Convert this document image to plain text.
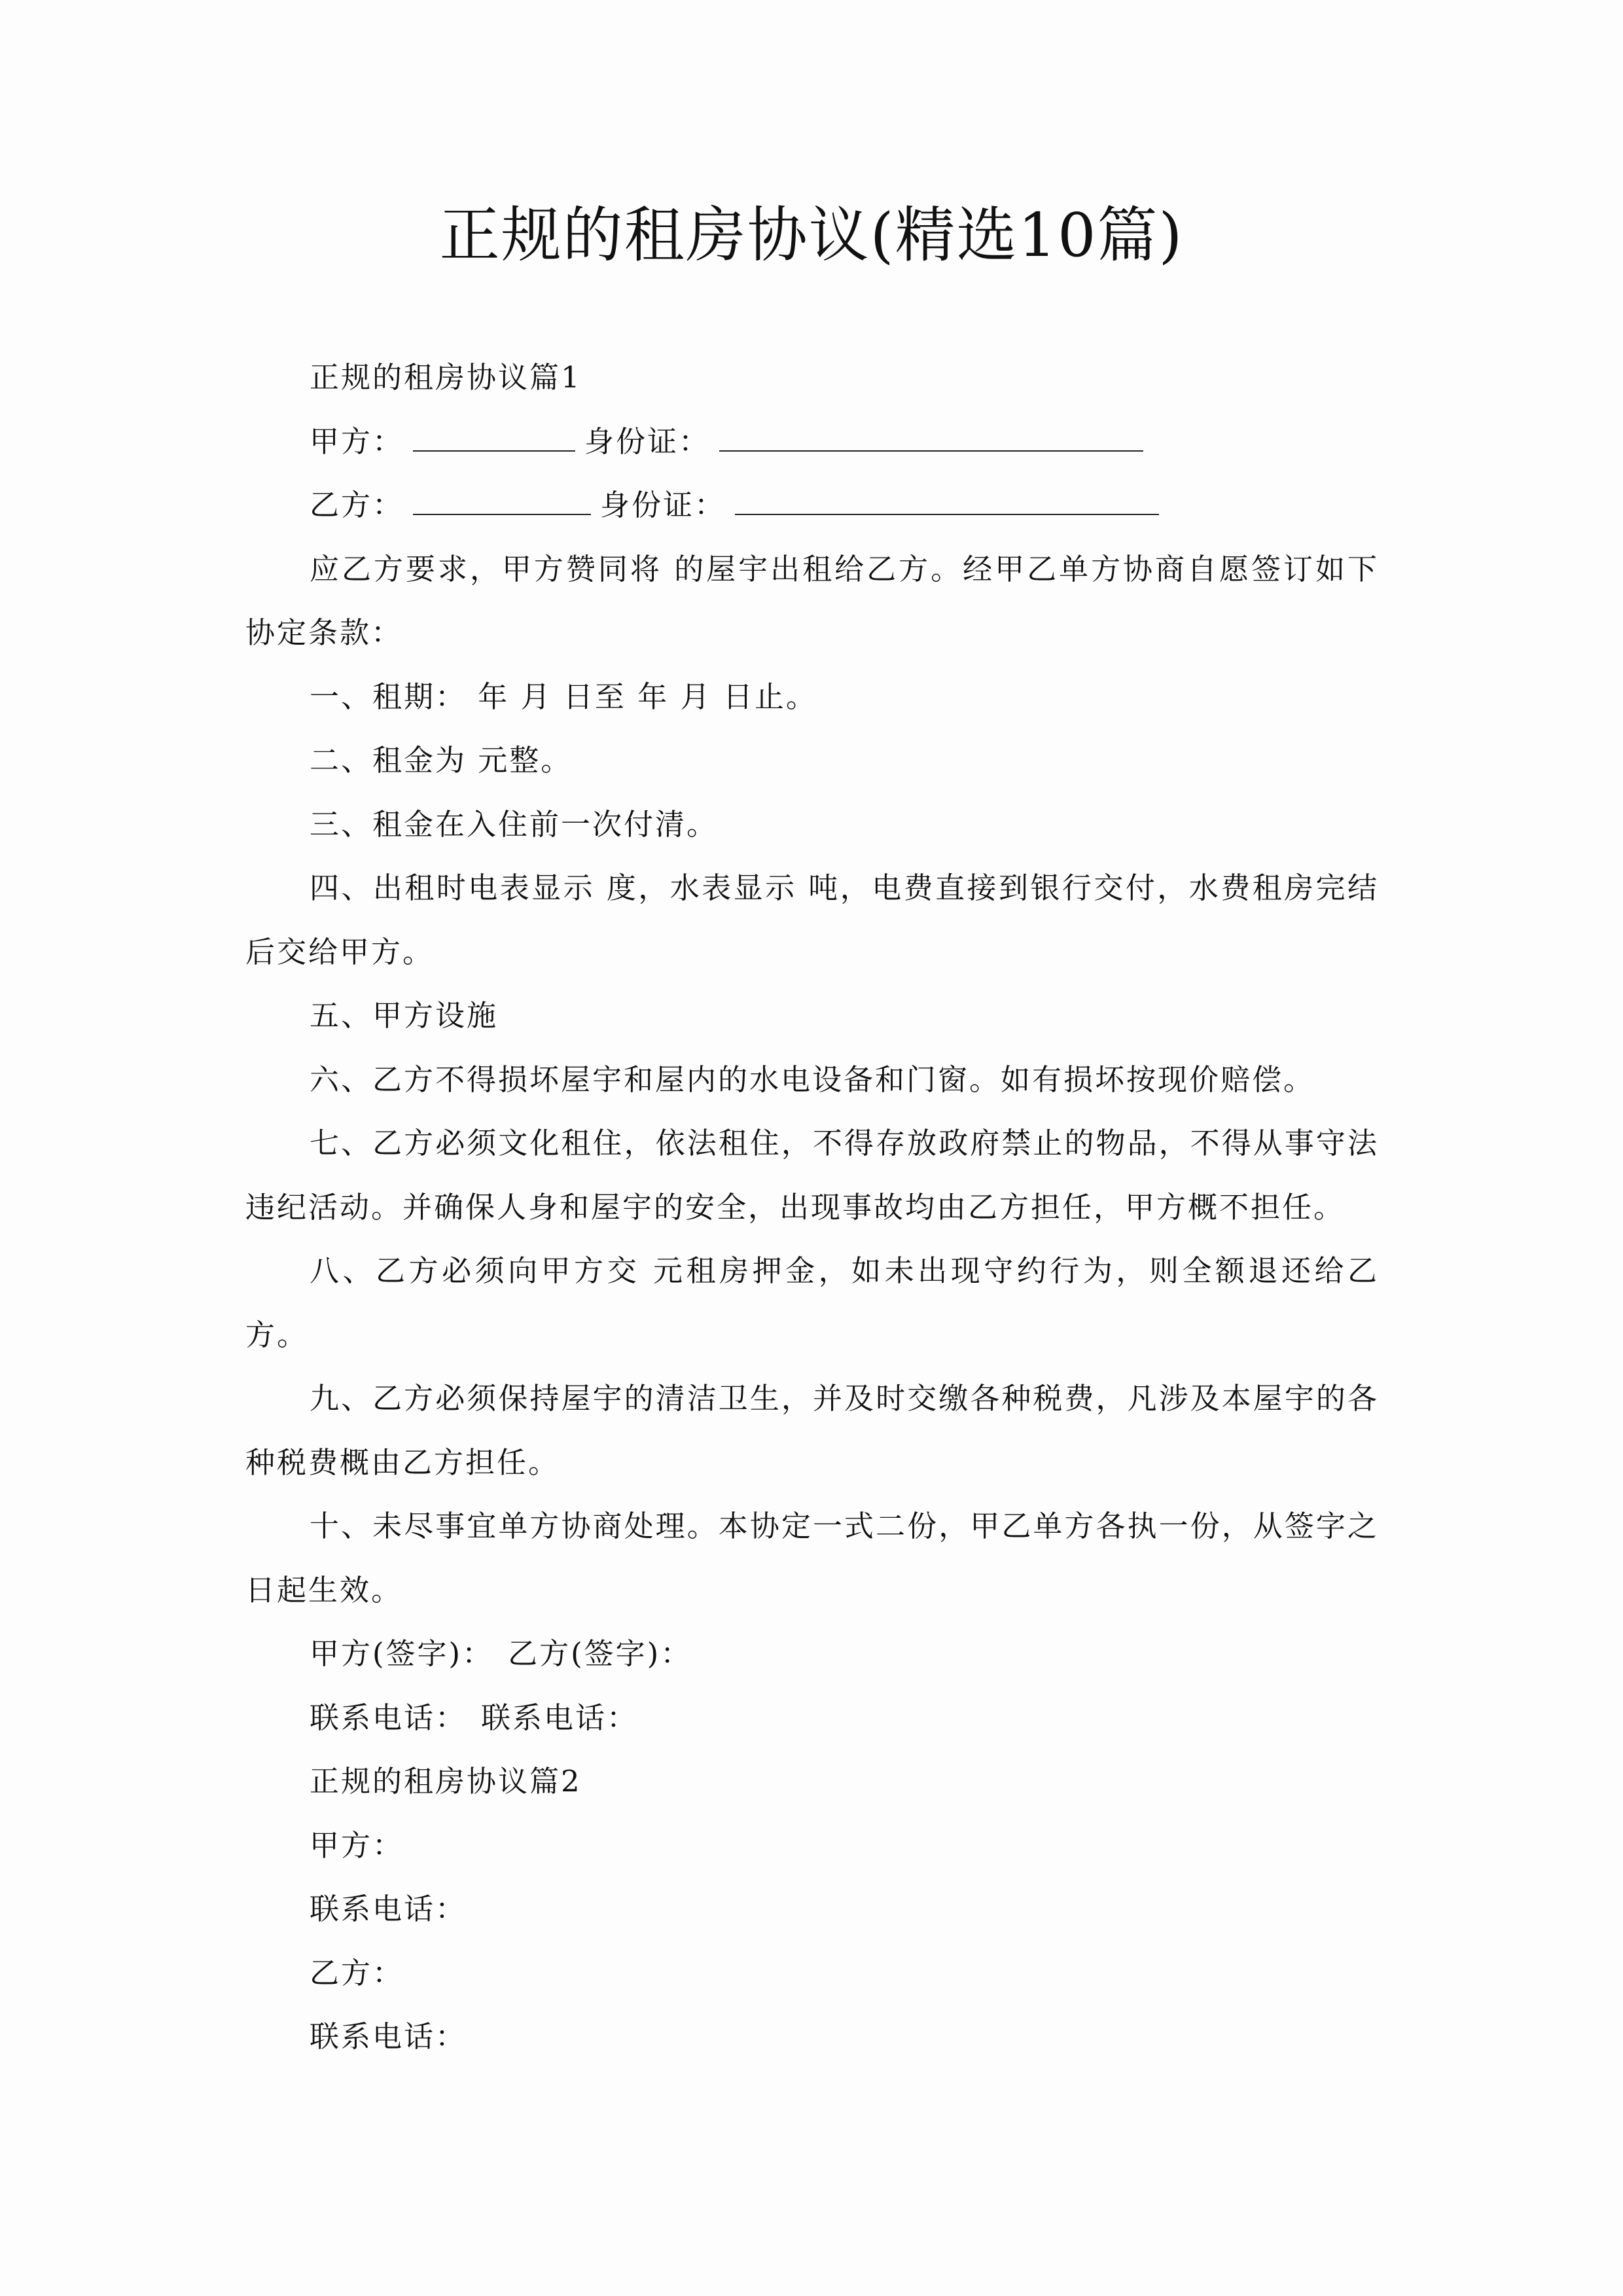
正规的租房协议(精选10篇)

正规的租房协议篇1

甲方：	身份证：

乙方：	身份证：

应乙方要求，甲方赞同将 的屋宇出租给乙方。经甲乙单方协商自愿签订如下协定条款：

一、租期： 年 月 日至 年 月 日止。

二、租金为 元整。

三、租金在入住前一次付清。

四、出租时电表显示 度，水表显示 吨，电费直接到银行交付，水费租房完结后交给甲方。

五、甲方设施

六、乙方不得损坏屋宇和屋内的水电设备和门窗。如有损坏按现价赔偿。

七、乙方必须文化租住，依法租住，不得存放政府禁止的物品，不得从事守法违纪活动。并确保人身和屋宇的安全，出现事故均由乙方担任，甲方概不担任。

八、乙方必须向甲方交 元租房押金，如未出现守约行为，则全额退还给乙方。

九、乙方必须保持屋宇的清洁卫生，并及时交缴各种税费，凡涉及本屋宇的各种税费概由乙方担任。

十、未尽事宜单方协商处理。本协定一式二份，甲乙单方各执一份，从签字之日起生效。

甲方(签字)： 乙方(签字)：

联系电话： 联系电话：

正规的租房协议篇2

甲方：

联系电话：

乙方：

联系电话：
